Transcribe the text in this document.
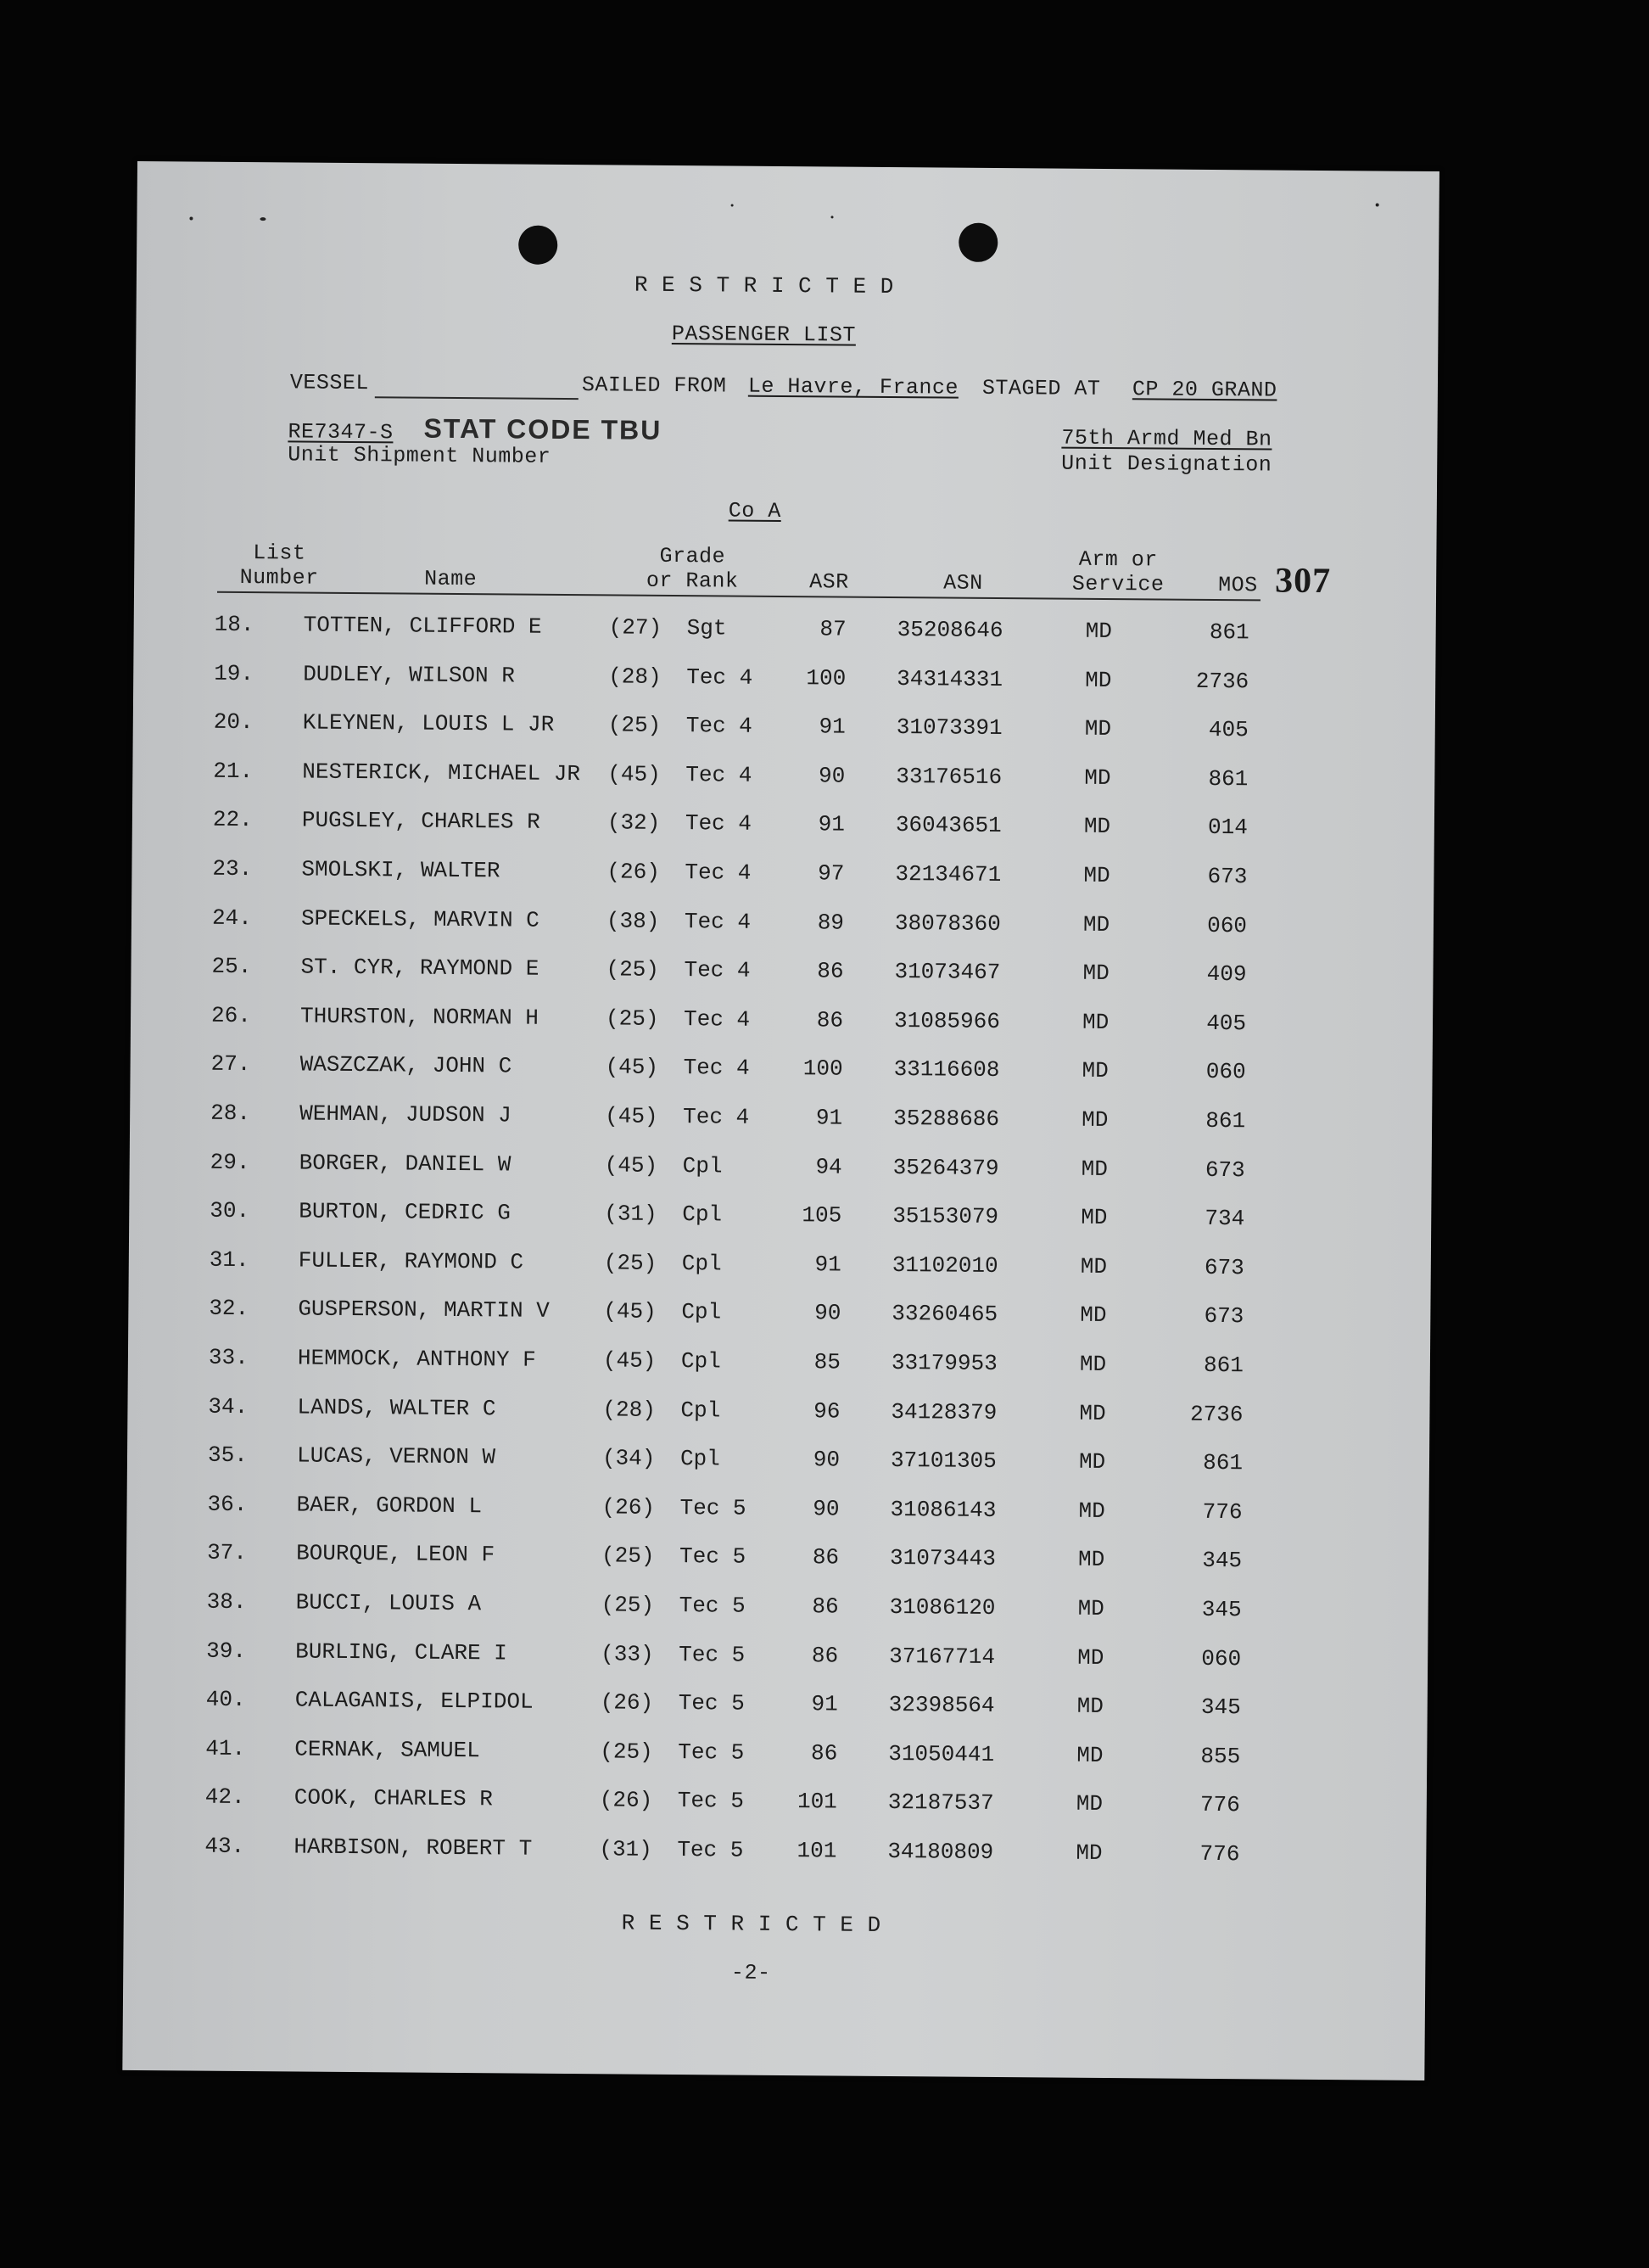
R E S T R I C T E D
PASSENGER LIST
VESSEL	SAILED FROM Le Havre, France STAGED AT CP 20 GRAND
RE7347-S STAT CODE TBU
Unit Shipment Number
75th Armd Med Bn
Unit Designation
Co A
List
Number	Name
Grade
or Rank	ASR	ASN
Arm or
Service	MOS 307
18. TOTTEN, CLIFFORD E	(27) Sgt	87 35208646	MD	861
19. DUDLEY, WILSON R	(28) Tec 4	100 34314331	MD	2736
20. KLEYNEN, LOUIS L JR (25) Tec 4	91 31073391	MD	405
21. NESTERICK, MICHAEL JR (45) Tec 4	90 33176516	MD	861
22. PUGSLEY, CHARLES R	(32) Tec 4	91 36043651	MD	014
23. SMOLSKI, WALTER	(26) Tec 4	97 32134671	MD	673
24. SPECKELS, MARVIN C	(38) Tec 4	89 38078360	MD	060
25. ST. CYR, RAYMOND E	(25) Tec 4	86 31073467	MD	409
26. THURSTON, NORMAN H	(25) Tec 4	86 31085966	MD	405
27. WASZCZAK, JOHN C	(45) Tec 4	100 33116608	MD	060
28. WEHMAN, JUDSON J	(45) Tec 4	91 35288686	MD	861
29. BORGER, DANIEL W	(45) Cpl	94 35264379	MD	673
30. BURTON, CEDRIC G	(31) Cpl	105 35153079	MD	734
31. FULLER, RAYMOND C	(25) Cpl	91 31102010	MD	673
32. GUSPERSON, MARTIN V (45) Cpl	90 33260465	MD	673
33. HEMMOCK, ANTHONY F	(45) Cpl	85 33179953	MD	861
34. LANDS, WALTER C	(28) Cpl	96 34128379	MD	2736
35. LUCAS, VERNON W	(34) Cpl	90 37101305	MD	861
36. BAER, GORDON L	(26) Tec 5	90 31086143	MD	776
37. BOURQUE, LEON F	(25) Tec 5	86 31073443	MD	345
38. BUCCI, LOUIS A	(25) Tec 5	86 31086120	MD	345
39. BURLING, CLARE I	(33) Tec 5	86 37167714	MD	060
40. CALAGANIS, ELPIDOL	(26) Tec 5	91 32398564	MD	345
41. CERNAK, SAMUEL	(25) Tec 5	86 31050441	MD	855
42. COOK, CHARLES R	(26) Tec 5	101 32187537	MD	776
43. HARBISON, ROBERT T	(31) Tec 5	101 34180809	MD	776
R E S T R I C T E D
-2-
